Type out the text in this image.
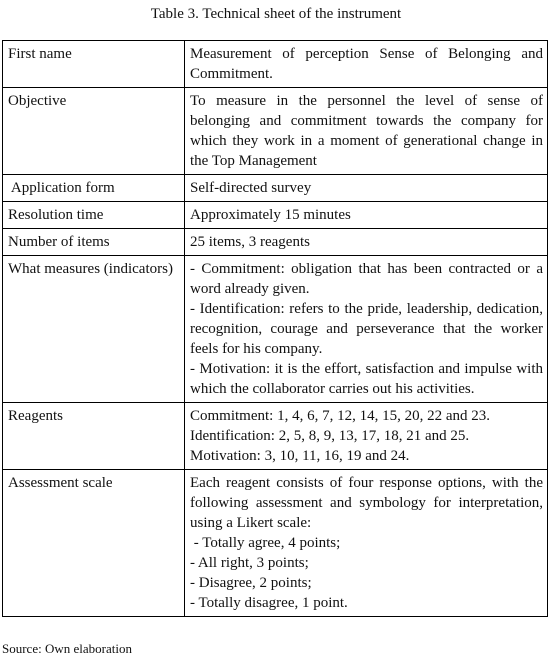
Table 3. Technical sheet of the instrument
First name	Measurement of perception Sense of Belonging and Commitment.

Objective	To measure in the personnel the level of sense of belonging and commitment towards the company for which they work in a moment of generational change in the Top Management

Application form	Self-directed survey

Resolution time	Approximately 15 minutes

Number of items	25 items, 3 reagents

What measures (indicators)	- Commitment: obligation that has been contracted or a word already given.
- Identification: refers to the pride, leadership, dedication, recognition, courage and perseverance that the worker feels for his company.
- Motivation: it is the effort, satisfaction and impulse with which the collaborator carries out his activities.

Reagents	Commitment: 1, 4, 6, 7, 12, 14, 15, 20, 22 and 23.
Identification: 2, 5, 8, 9, 13, 17, 18, 21 and 25.
Motivation: 3, 10, 11, 16, 19 and 24.

Assessment scale	Each reagent consists of four response options, with the following assessment and symbology for interpretation, using a Likert scale:
- Totally agree, 4 points;
- All right, 3 points;
- Disagree, 2 points;
- Totally disagree, 1 point.
Source: Own elaboration
